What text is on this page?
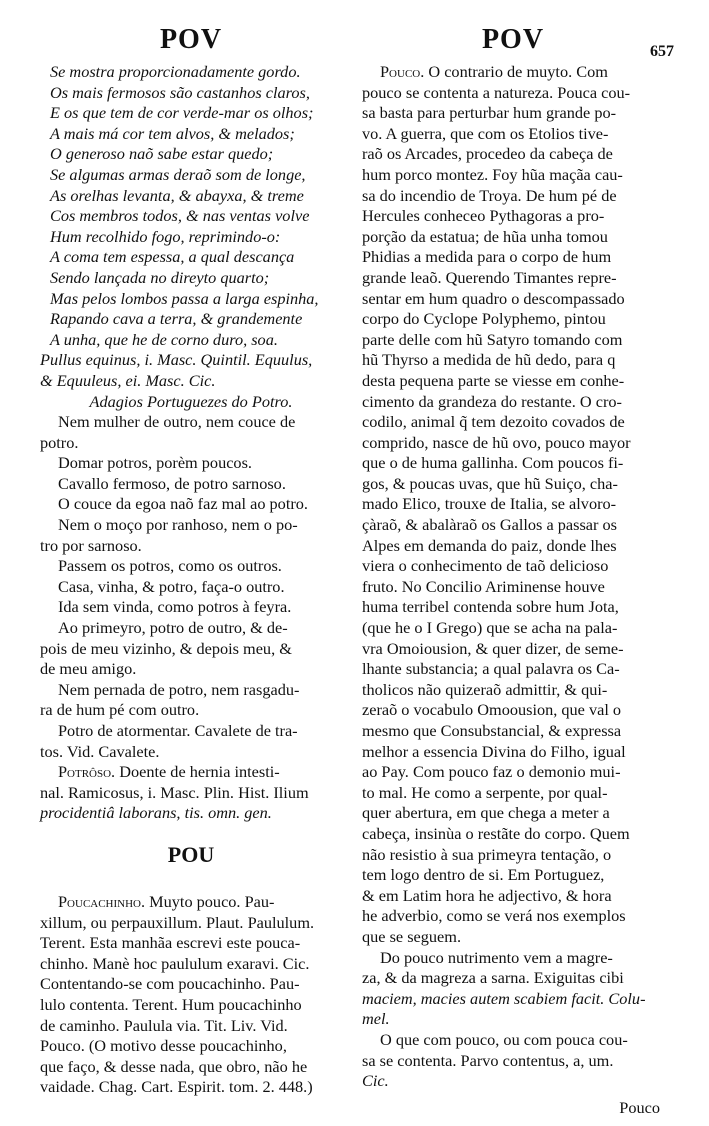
POV
Se mostra proporcionadamente gordo.
Os mais fermosos são castanhos claros,
E os que tem de cor verde-mar os olhos;
A mais má cor tem alvos, & melados;
O generoso naõ sabe estar quedo;
Se algumas armas deraõ som de longe,
As orelhas levanta, & abayxa, & treme
Cos membros todos, & nas ventas volve
Hum recolhido fogo, reprimindo-o:
A coma tem espessa, a qual descança
Sendo lançada no direyto quarto;
Mas pelos lombos passa a larga espinha,
Rapando cava a terra, & grandemente
A unha, que he de corno duro, soa.
Pullus equinus, i. Masc. Quintil. Equulus,
& Equuleus, ei. Masc. Cic.
Adagios Portuguezes do Potro.
Nem mulher de outro, nem couce de
potro.
Domar potros, porèm poucos.
Cavallo fermoso, de potro sarnoso.
O couce da egoa naõ faz mal ao potro.
Nem o moço por ranhoso, nem o po-
tro por sarnoso.
Passem os potros, como os outros.
Casa, vinha, & potro, faça-o outro.
Ida sem vinda, como potros à feyra.
Ao primeyro, potro de outro, & de-
pois de meu vizinho, & depois meu, &
de meu amigo.
Nem pernada de potro, nem rasgadu-
ra de hum pé com outro.
Potro de atormentar. Cavalete de tra-
tos. Vid. Cavalete.
Potrôso. Doente de hernia intesti-
nal. Ramicosus, i. Masc. Plin. Hist. Ilium
procidentiâ laborans, tis. omn. gen.
POU
Poucachinho. Muyto pouco. Pau-
xillum, ou perpauxillum. Plaut. Paululum.
Terent. Esta manhãa escrevi este pouca-
chinho. Manè hoc paululum exaravi. Cic.
Contentando-se com poucachinho. Pau-
lulo contenta. Terent. Hum poucachinho
de caminho. Paulula via. Tit. Liv. Vid.
Pouco. (O motivo desse poucachinho,
que faço, & desse nada, que obro, não he
vaidade. Chag. Cart. Espirit. tom. 2. 448.)
POV	657
Pouco. O contrario de muyto. Com
pouco se contenta a natureza. Pouca cou-
sa basta para perturbar hum grande po-
vo. A guerra, que com os Etolios tive-
raõ os Arcades, procedeo da cabeça de
hum porco montez. Foy hũa maçãa cau-
sa do incendio de Troya. De hum pé de
Hercules conheceo Pythagoras a pro-
porção da estatua; de hũa unha tomou
Phidias a medida para o corpo de hum
grande leaõ. Querendo Timantes repre-
sentar em hum quadro o descompassado
corpo do Cyclope Polyphemo, pintou
parte delle com hũ Satyro tomando com
hũ Thyrso a medida de hũ dedo, para q
desta pequena parte se viesse em conhe-
cimento da grandeza do restante. O cro-
codilo, animal q̃ tem dezoito covados de
comprido, nasce de hũ ovo, pouco mayor
que o de huma gallinha. Com poucos fi-
gos, & poucas uvas, que hũ Suiço, cha-
mado Elico, trouxe de Italia, se alvoro-
çàraõ, & abalàraõ os Gallos a passar os
Alpes em demanda do paiz, donde lhes
viera o conhecimento de taõ delicioso
fruto. No Concilio Ariminense houve
huma terribel contenda sobre hum Jota,
(que he o I Grego) que se acha na pala-
vra Omoiousion, & quer dizer, de seme-
lhante substancia; a qual palavra os Ca-
tholicos não quizeraõ admittir, & qui-
zeraõ o vocabulo Omoousion, que val o
mesmo que Consubstancial, & expressa
melhor a essencia Divina do Filho, igual
ao Pay. Com pouco faz o demonio mui-
to mal. He como a serpente, por qual-
quer abertura, em que chega a meter a
cabeça, insinùa o restãte do corpo. Quem
não resistio à sua primeyra tentação, o
tem logo dentro de si. Em Portuguez,
& em Latim hora he adjectivo, & hora
he adverbio, como se verá nos exemplos
que se seguem.
Do pouco nutrimento vem a magre-
za, & da magreza a sarna. Exiguitas cibi
maciem, macies autem scabiem facit. Colu-
mel.
O que com pouco, ou com pouca cou-
sa se contenta. Parvo contentus, a, um.
Cic.
Pouco
